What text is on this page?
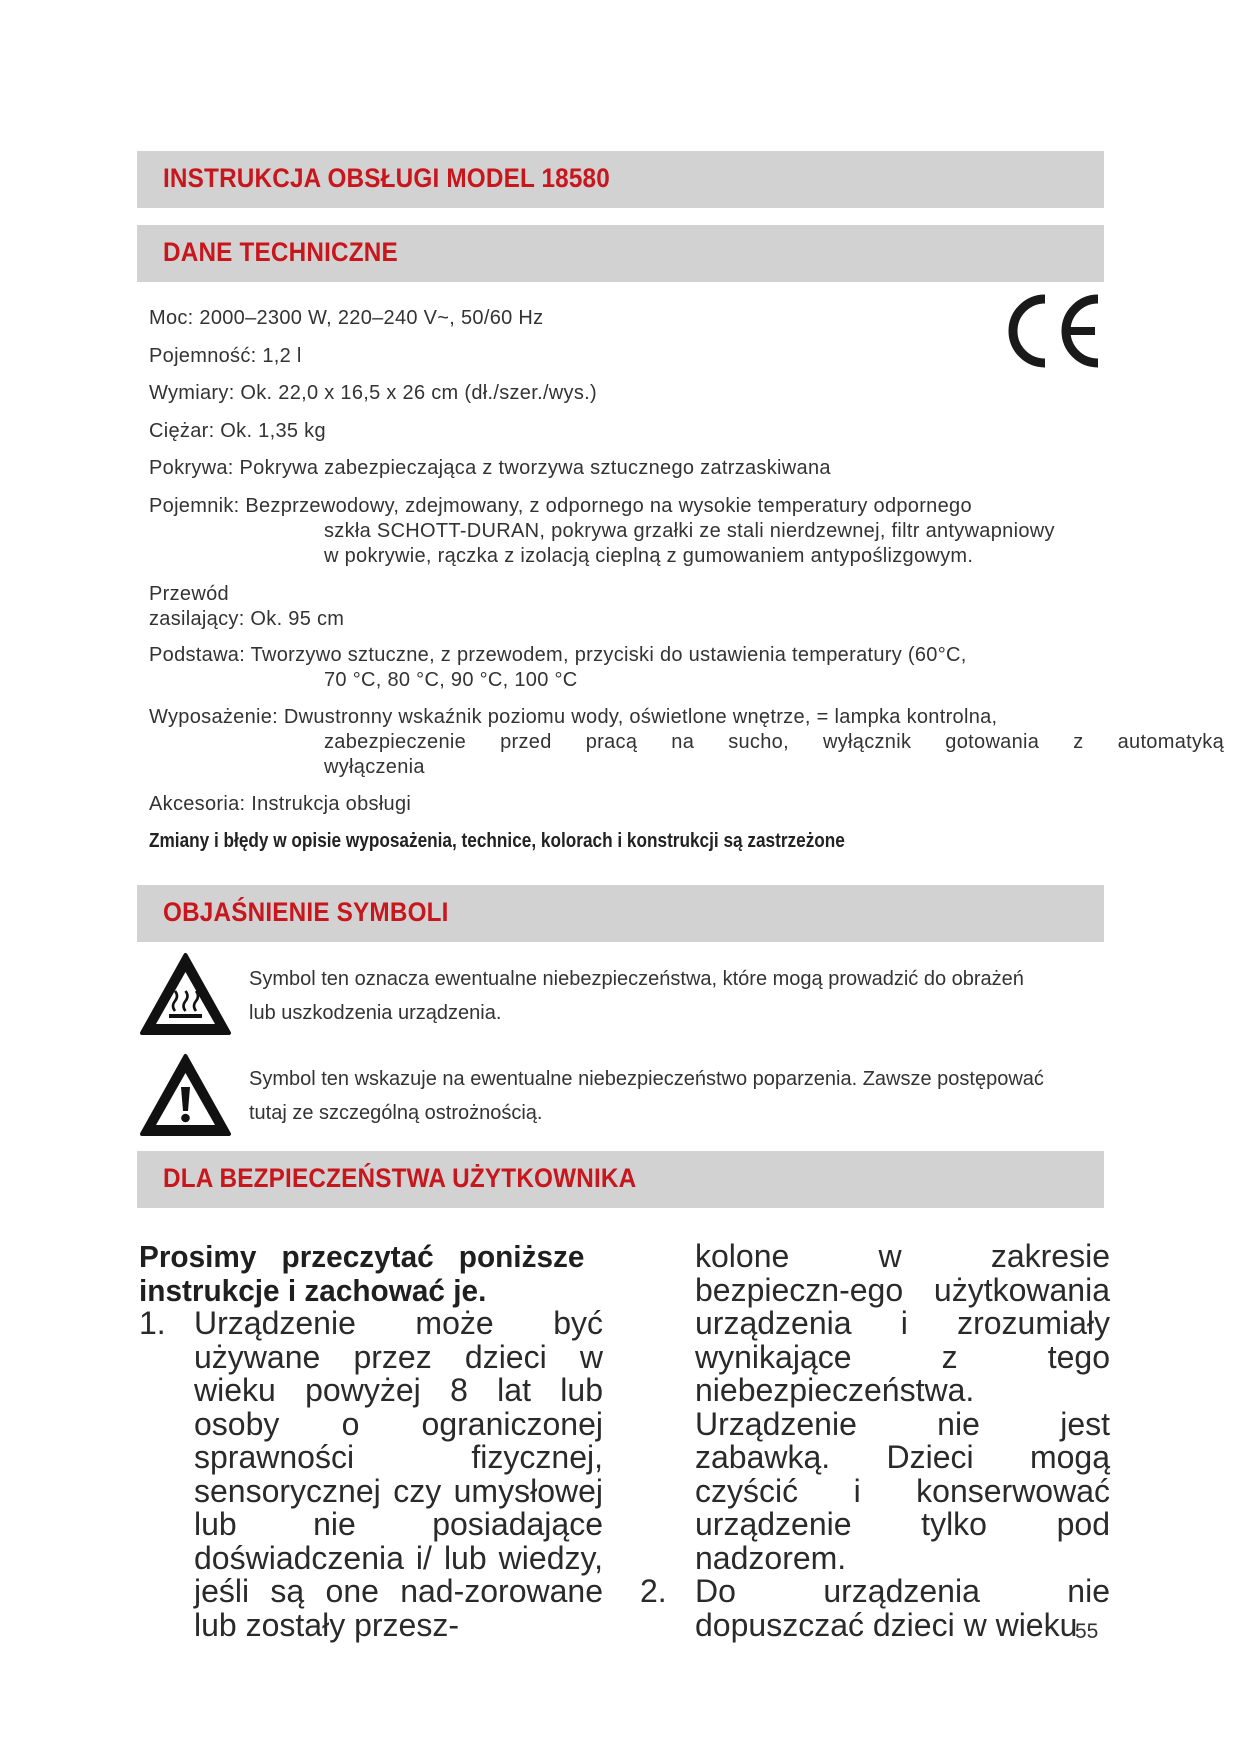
INSTRUKCJA OBSŁUGI MODEL 18580
DANE TECHNICZNE
Moc: 2000–2300 W, 220–240 V~, 50/60 Hz
Pojemność: 1,2 l
Wymiary: Ok. 22,0 x 16,5 x 26 cm (dł./szer./wys.)
Ciężar: Ok. 1,35 kg
Pokrywa: Pokrywa zabezpieczająca z tworzywa sztucznego zatrzaskiwana
Pojemnik: Bezprzewodowy, zdejmowany, z odpornego na wysokie temperatury odpornego
szkła SCHOTT-DURAN, pokrywa grzałki ze stali nierdzewnej, filtr antywapniowy
w pokrywie, rączka z izolacją cieplną z gumowaniem antypoślizgowym.
Przewód
zasilający: Ok. 95 cm
Podstawa: Tworzywo sztuczne, z przewodem, przyciski do ustawienia temperatury (60°C,
70 °C, 80 °C, 90 °C, 100 °C
Wyposażenie: Dwustronny wskaźnik poziomu wody, oświetlone wnętrze, = lampka kontrolna,
zabezpieczenie przed pracą na sucho, wyłącznik gotowania z automatyką
wyłączenia
Akcesoria: Instrukcja obsługi
Zmiany i błędy w opisie wyposażenia, technice, kolorach i konstrukcji są zastrzeżone
OBJAŚNIENIE SYMBOLI
Symbol ten oznacza ewentualne niebezpieczeństwa, które mogą prowadzić do obrażeń
lub uszkodzenia urządzenia.
Symbol ten wskazuje na ewentualne niebezpieczeństwo poparzenia. Zawsze postępować
tutaj ze szczególną ostrożnością.
DLA BEZPIECZEŃSTWA UŻYTKOWNIKA
Prosimy przeczytać poniższe instrukcje i zachować je.
1. Urządzenie może być używane przez dzieci w wieku powyżej 8 lat lub osoby o ograniczonej sprawności fizycznej, sensorycznej czy umysłowej lub nie posiadające doświadczenia i/ lub wiedzy, jeśli są one nad-zorowane lub zostały przesz-
kolone w zakresie bezpieczn-ego użytkowania urządzenia i zrozumiały wynikające z tego niebezpieczeństwa. Urządzenie nie jest zabawką. Dzieci mogą czyścić i konserwować urządzenie tylko pod nadzorem.
2. Do urządzenia nie dopuszczać dzieci w wieku
55
